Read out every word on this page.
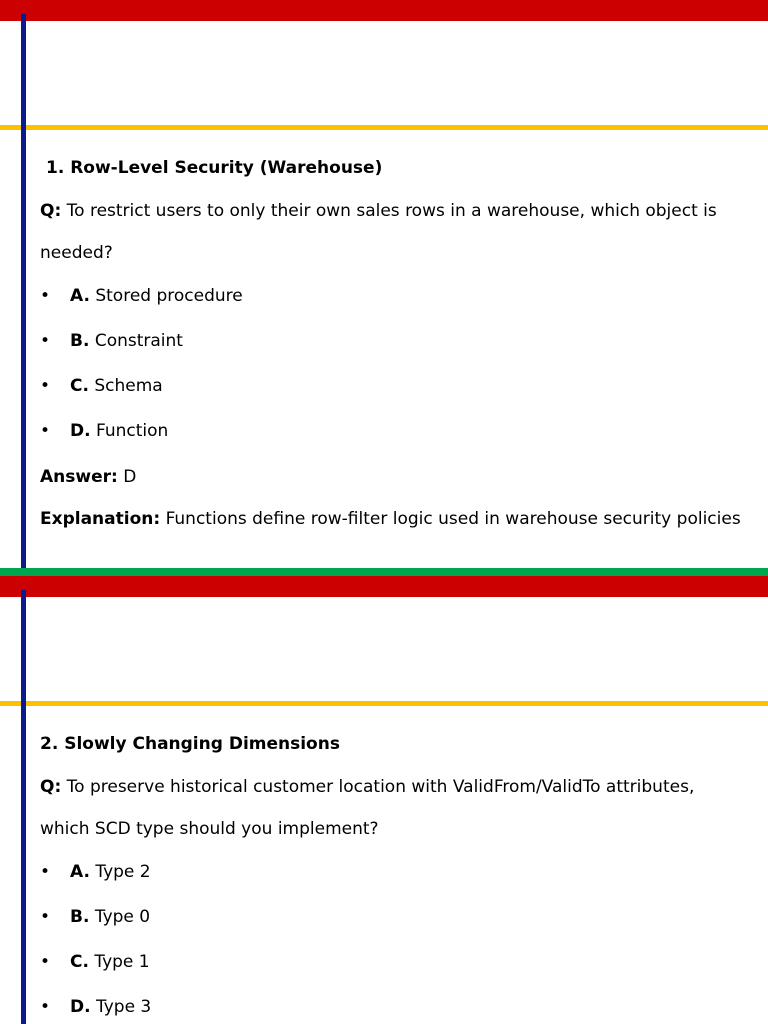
1. Row-Level Security (Warehouse)

Q: To restrict users to only their own sales rows in a warehouse, which object is

needed?

• A. Stored procedure
• B. Constraint
• C. Schema
• D. Function

Answer: D

Explanation: Functions define row-filter logic used in warehouse security policies

2. Slowly Changing Dimensions

Q: To preserve historical customer location with ValidFrom/ValidTo attributes,

which SCD type should you implement?

• A. Type 2
• B. Type 0
• C. Type 1
• D. Type 3
